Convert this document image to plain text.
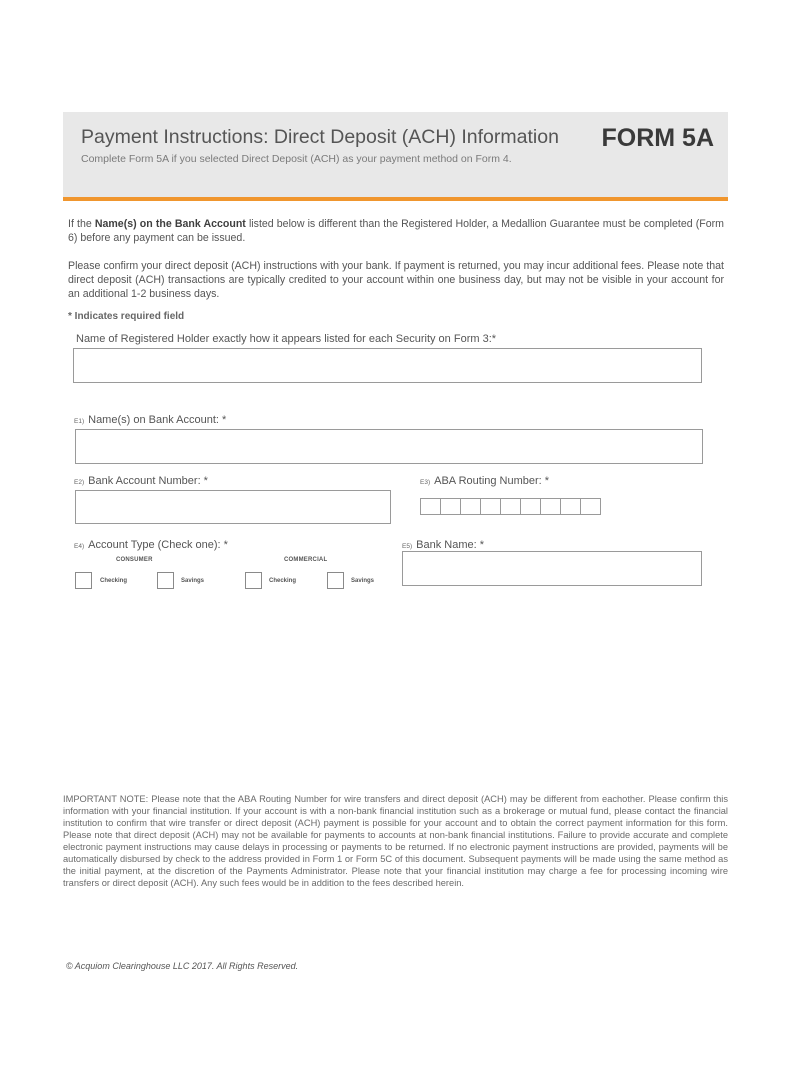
Payment Instructions: Direct Deposit (ACH) Information
Complete Form 5A if you selected Direct Deposit (ACH) as your payment method on Form 4.
FORM 5A
If the Name(s) on the Bank Account listed below is different than the Registered Holder, a Medallion Guarantee must be completed (Form 6) before any payment can be issued.
Please confirm your direct deposit (ACH) instructions with your bank. If payment is returned, you may incur additional fees. Please note that direct deposit (ACH) transactions are typically credited to your account within one business day, but may not be visible in your account for an additional 1-2 business days.
* Indicates required field
Name of Registered Holder exactly how it appears listed for each Security on Form 3:*
E1) Name(s) on Bank Account: *
E2) Bank Account Number: *	E3) ABA Routing Number: *
E4) Account Type (Check one): *
CONSUMER	COMMERCIAL
Checking	Savings	Checking	Savings
E5) Bank Name: *
IMPORTANT NOTE: Please note that the ABA Routing Number for wire transfers and direct deposit (ACH) may be different from eachother. Please confirm this information with your financial institution. If your account is with a non-bank financial institution such as a brokerage or mutual fund, please contact the financial institution to confirm that wire transfer or direct deposit (ACH) payment is possible for your account and to obtain the correct payment information for this form. Please note that direct deposit (ACH) may not be available for payments to accounts at non-bank financial institutions. Failure to provide accurate and complete electronic payment instructions may cause delays in processing or payments to be returned. If no electronic payment instructions are provided, payments will be automatically disbursed by check to the address provided in Form 1 or Form 5C of this document. Subsequent payments will be made using the same method as the initial payment, at the discretion of the Payments Administrator. Please note that your financial institution may charge a fee for processing incoming wire transfers or direct deposit (ACH). Any such fees would be in addition to the fees described herein.
© Acquiom Clearinghouse LLC 2017. All Rights Reserved.
